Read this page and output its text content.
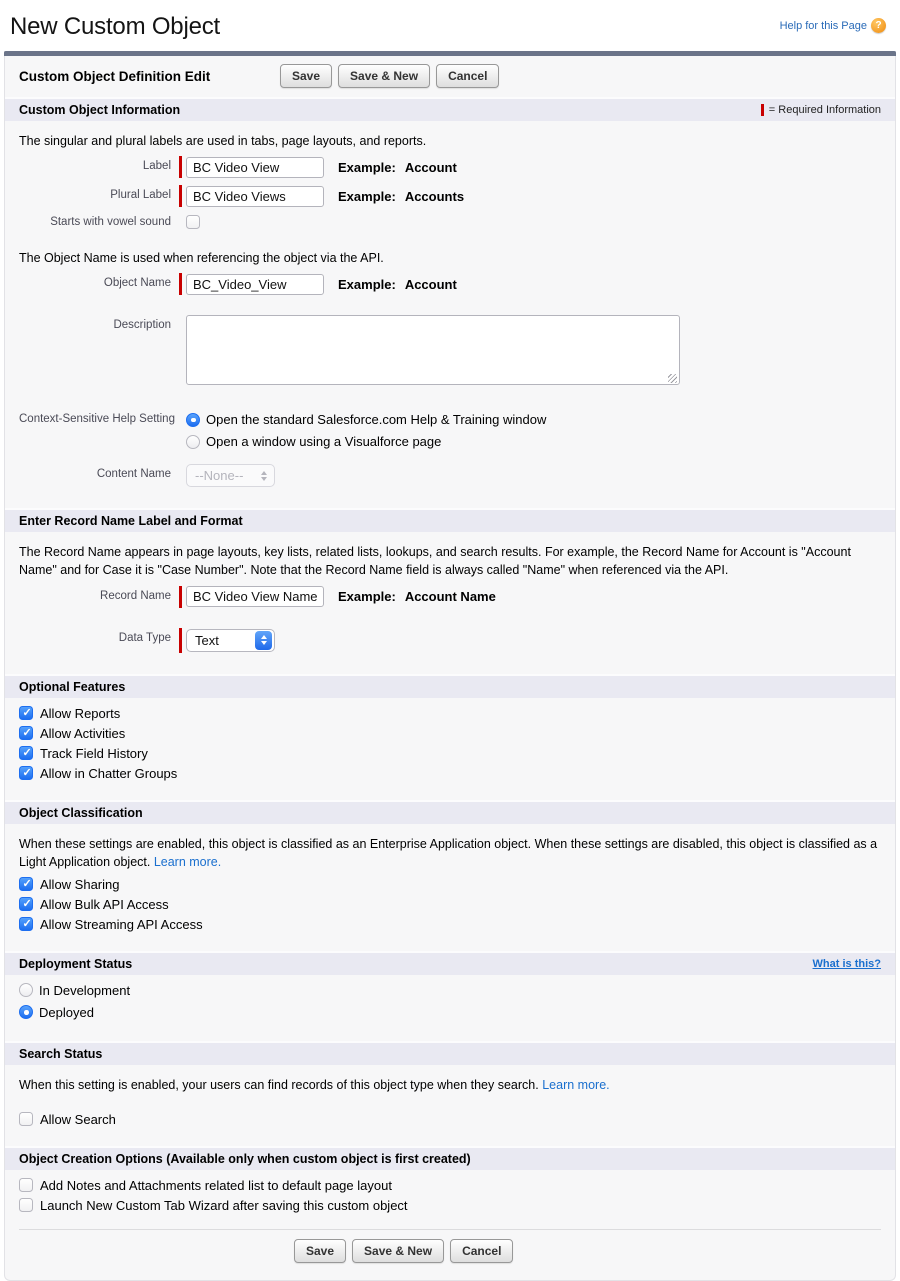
New Custom Object	Help for this Page ?
Custom Object Definition Edit	Save	Save & New	Cancel
Custom Object Information	= Required Information
The singular and plural labels are used in tabs, page layouts, and reports.
Label
BC Video View	Example: Account
Plural Label
BC Video Views	Example: Accounts
Starts with vowel sound
The Object Name is used when referencing the object via the API.
Object Name
BC_Video_View	Example: Account
Description
Context-Sensitive Help Setting	Open the standard Salesforce.com Help & Training window
Open a window using a Visualforce page
Content Name	--None--
Enter Record Name Label and Format
The Record Name appears in page layouts, key lists, related lists, lookups, and search results. For example, the Record Name for Account is "Account Name" and for Case it is "Case Number". Note that the Record Name field is always called "Name" when referenced via the API.
Record Name
BC Video View Name	Example: Account Name
Data Type	Text
Optional Features
✓
Allow Reports
✓
Allow Activities
✓
Track Field History
✓
Allow in Chatter Groups
Object Classification
When these settings are enabled, this object is classified as an Enterprise Application object. When these settings are disabled, this object is classified as a Light Application object. Learn more.
✓
Allow Sharing
✓
Allow Bulk API Access
✓
Allow Streaming API Access
Deployment Status	What is this?
In Development
Deployed
Search Status
When this setting is enabled, your users can find records of this object type when they search. Learn more.
Allow Search
Object Creation Options (Available only when custom object is first created)
Add Notes and Attachments related list to default page layout
Launch New Custom Tab Wizard after saving this custom object
Save	Save & New	Cancel
